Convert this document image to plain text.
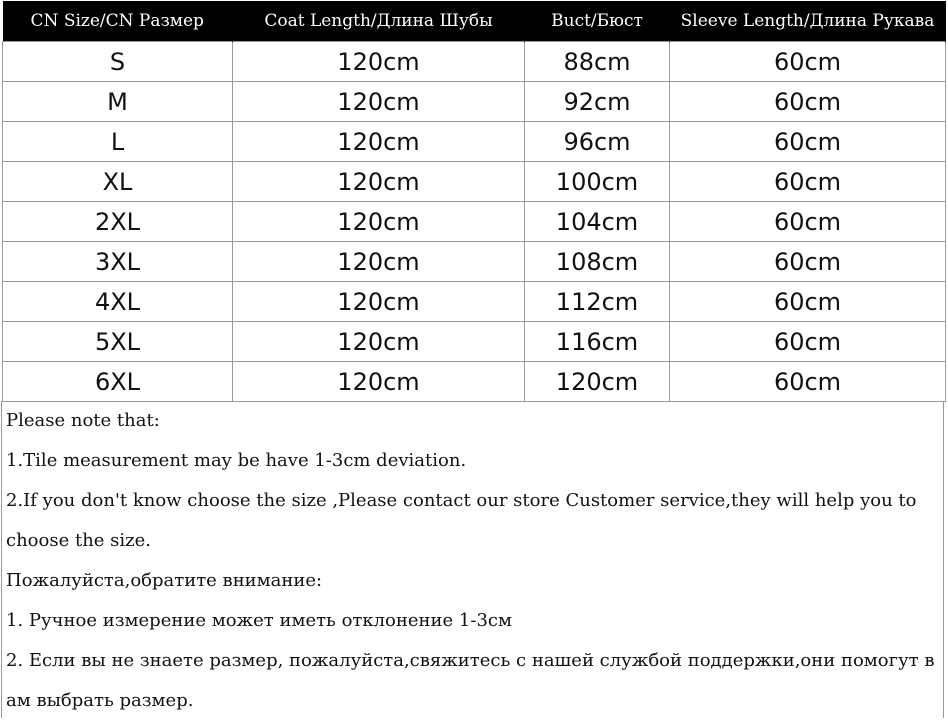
CN Size/CN Размер	Coat Length/Длина Шубы	Buct/Бюст	Sleeve Length/Длина Рукава
S	120cm	88cm	60cm
M	120cm	92cm	60cm
L	120cm	96cm	60cm
XL	120cm	100cm	60cm
2XL	120cm	104cm	60cm
3XL	120cm	108cm	60cm
4XL	120cm	112cm	60cm
5XL	120cm	116cm	60cm
6XL	120cm	120cm	60cm
Please note that:
1.Tile measurement may be have 1-3cm deviation.
2.If you don't know choose the size ,Please contact our store Customer service,they will help you to
choose the size.
Пожалуйста,обратите внимание:
1. Ручное измерение может иметь отклонение 1-3см
2. Если вы не знаете размер, пожалуйста,свяжитесь с нашей службой поддержки,они помогут в
ам выбрать размер.
